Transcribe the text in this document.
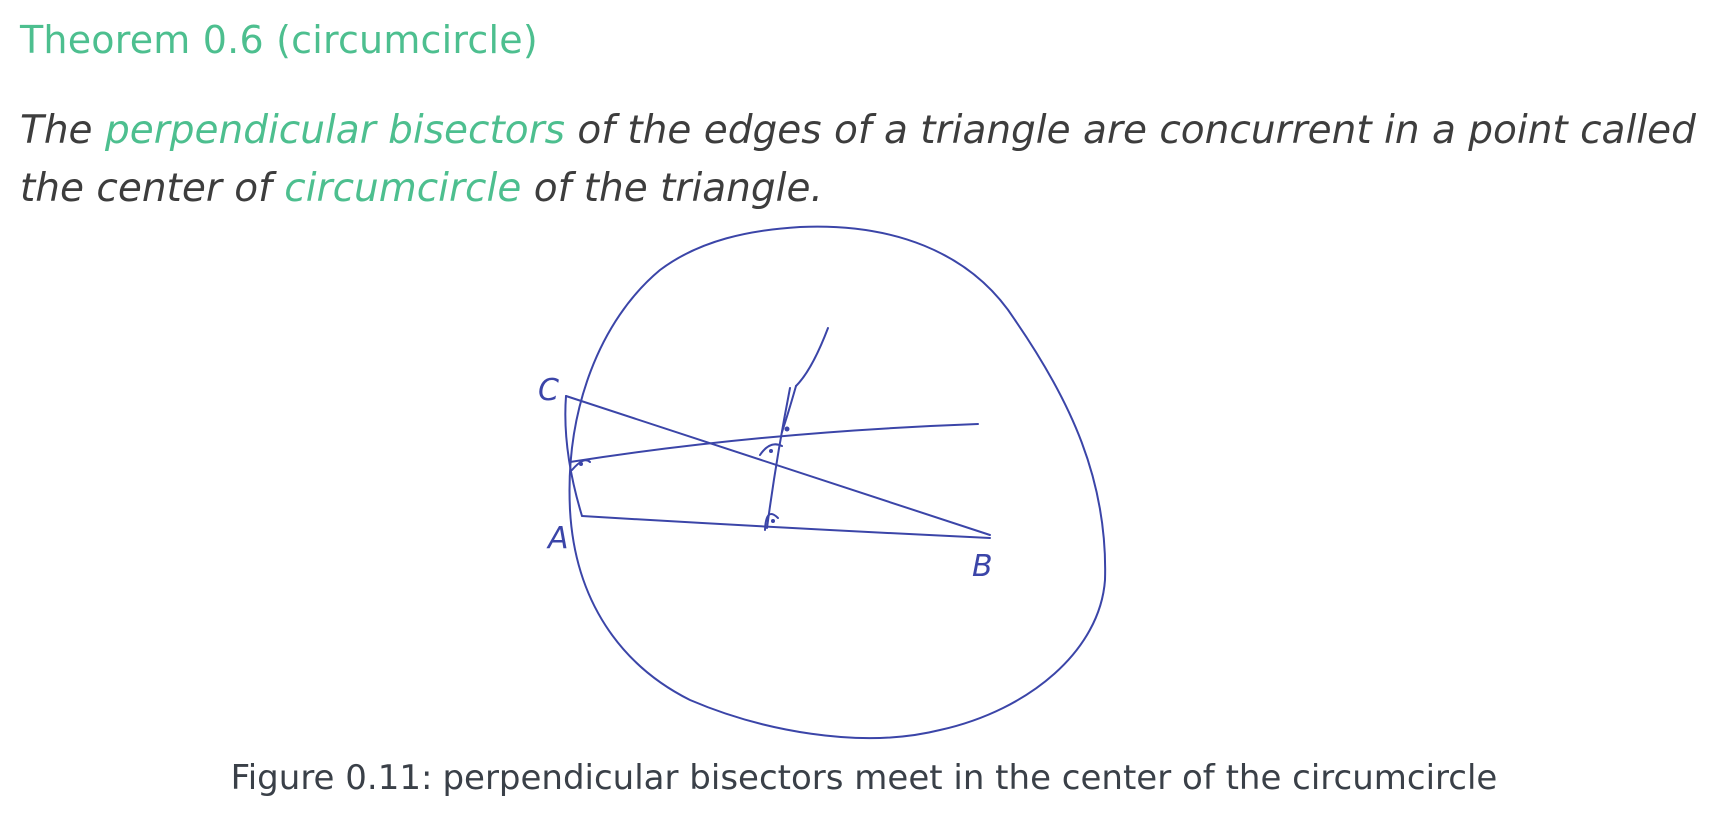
Theorem 0.6 (circumcircle)

The perpendicular bisectors of the edges of a triangle are concurrent in a point called the center of circumcircle of the triangle.

C
A
B

Figure 0.11: perpendicular bisectors meet in the center of the circumcircle
